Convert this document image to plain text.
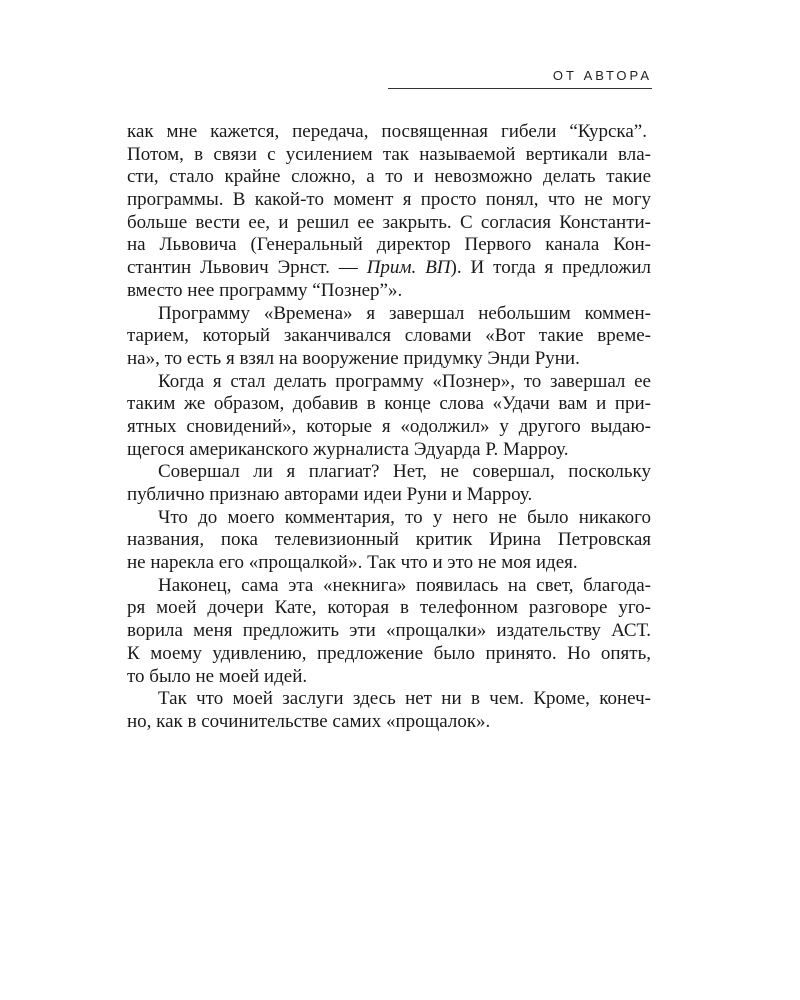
ОТ АВТОРА
как мне кажется, передача, посвященная гибели “Курска”.
Потом, в связи с усилением так называемой вертикали вла-
сти, стало крайне сложно, а то и невозможно делать такие
программы. В какой-то момент я просто понял, что не могу
больше вести ее, и решил ее закрыть. С согласия Константи-
на Львовича (Генеральный директор Первого канала Кон-
стантин Львович Эрнст. — Прим. ВП). И тогда я предложил
вместо нее программу “Познер”».
Программу «Времена» я завершал небольшим коммен-
тарием, который заканчивался словами «Вот такие време-
на», то есть я взял на вооружение придумку Энди Руни.
Когда я стал делать программу «Познер», то завершал ее
таким же образом, добавив в конце слова «Удачи вам и при-
ятных сновидений», которые я «одолжил» у другого выдаю-
щегося американского журналиста Эдуарда Р. Марроу.
Совершал ли я плагиат? Нет, не совершал, поскольку
публично признаю авторами идеи Руни и Марроу.
Что до моего комментария, то у него не было никакого
названия, пока телевизионный критик Ирина Петровская
не нарекла его «прощалкой». Так что и это не моя идея.
Наконец, сама эта «некнига» появилась на свет, благода-
ря моей дочери Кате, которая в телефонном разговоре уго-
ворила меня предложить эти «прощалки» издательству АСТ.
К моему удивлению, предложение было принято. Но опять,
то было не моей идей.
Так что моей заслуги здесь нет ни в чем. Кроме, конеч-
но, как в сочинительстве самих «прощалок».
